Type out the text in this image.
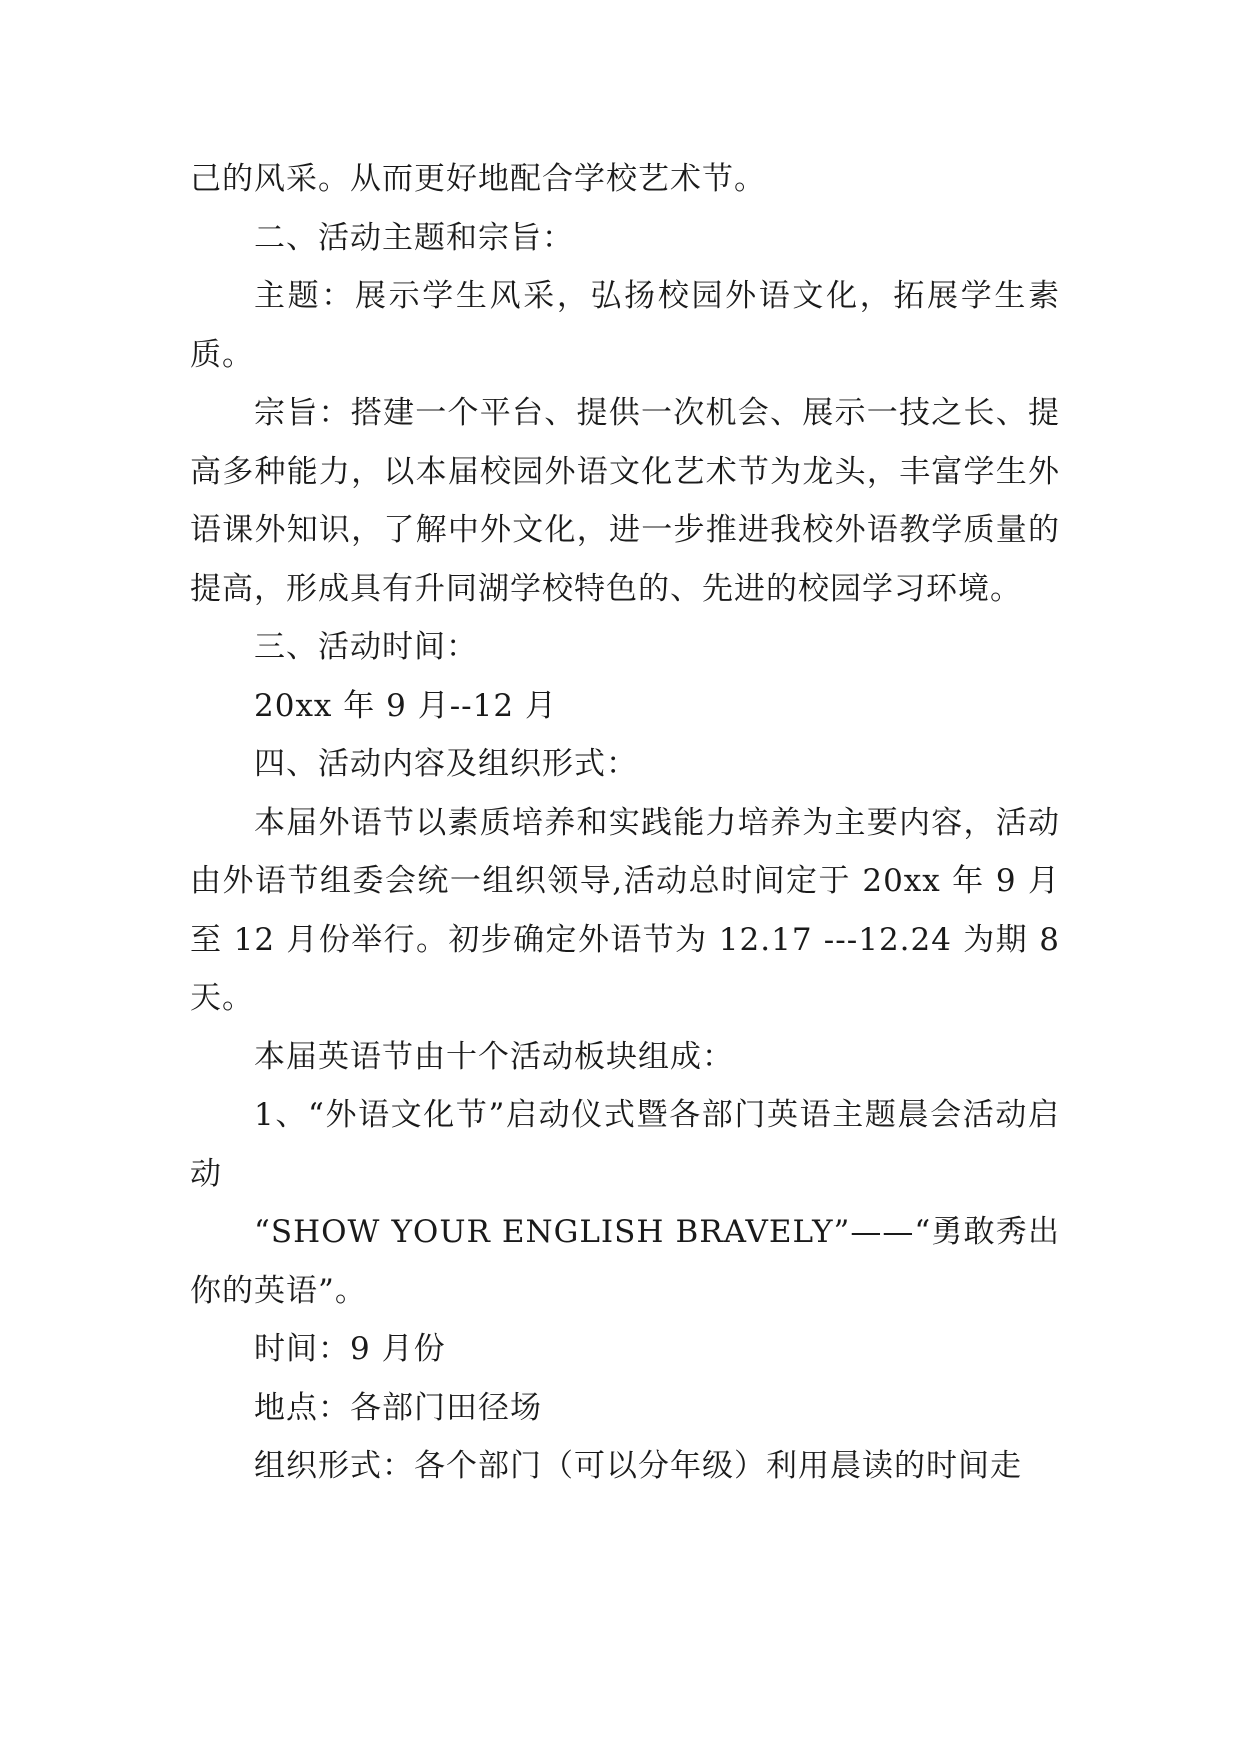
己的风采。从而更好地配合学校艺术节。

二、活动主题和宗旨：

主题：展示学生风采，弘扬校园外语文化，拓展学生素质。

宗旨：搭建一个平台、提供一次机会、展示一技之长、提高多种能力，以本届校园外语文化艺术节为龙头，丰富学生外语课外知识，了解中外文化，进一步推进我校外语教学质量的提高，形成具有升同湖学校特色的、先进的校园学习环境。

三、活动时间：

20xx 年 9 月--12 月

四、活动内容及组织形式：

本届外语节以素质培养和实践能力培养为主要内容，活动由外语节组委会统一组织领导,活动总时间定于 20xx 年 9 月至 12 月份举行。初步确定外语节为 12.17 ---12.24 为期 8 天。

本届英语节由十个活动板块组成：

1、“外语文化节”启动仪式暨各部门英语主题晨会活动启动

“SHOW YOUR ENGLISH BRAVELY”——“勇敢秀出你的英语”。

时间：9 月份

地点：各部门田径场

组织形式：各个部门（可以分年级）利用晨读的时间走
